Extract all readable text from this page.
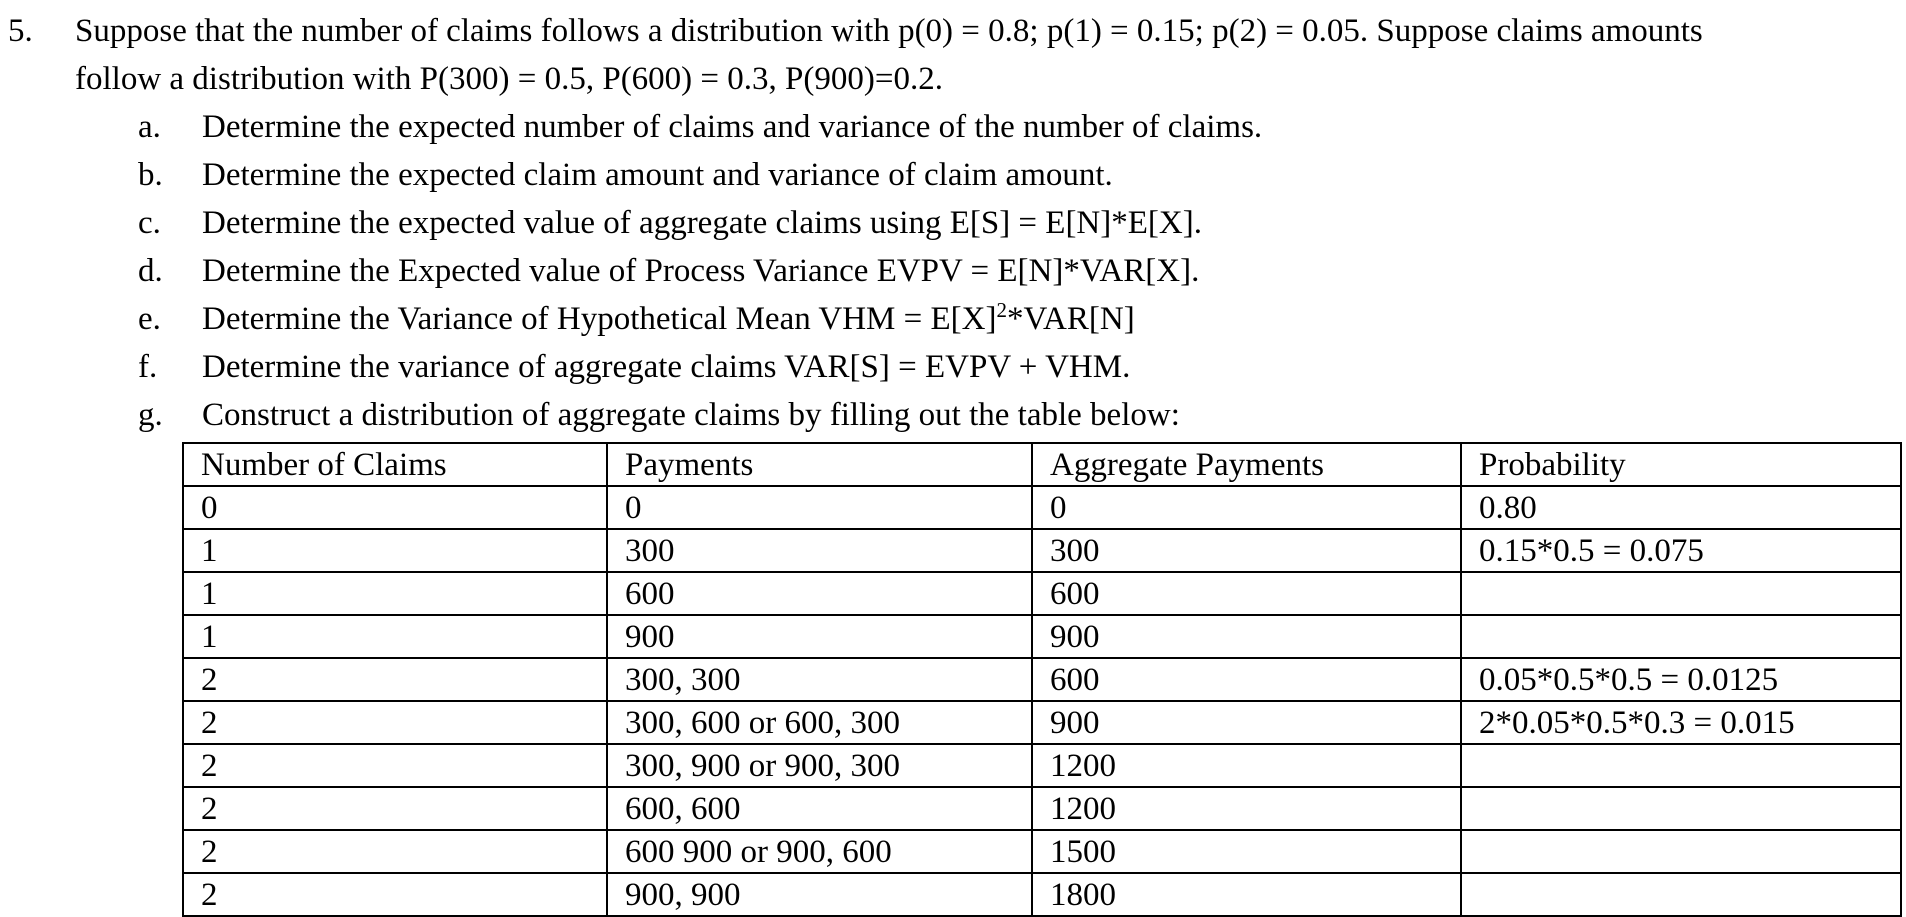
5. Suppose that the number of claims follows a distribution with p(0) = 0.8; p(1) = 0.15; p(2) = 0.05. Suppose claims amounts
follow a distribution with P(300) = 0.5, P(600) = 0.3, P(900)=0.2.
a. Determine the expected number of claims and variance of the number of claims.
b. Determine the expected claim amount and variance of claim amount.
c. Determine the expected value of aggregate claims using E[S] = E[N]*E[X].
d. Determine the Expected value of Process Variance EVPV = E[N]*VAR[X].
e. Determine the Variance of Hypothetical Mean VHM = $E[X]^2*VAR[N]$
f. Determine the variance of aggregate claims VAR[S] = EVPV + VHM.
g. Construct a distribution of aggregate claims by filling out the table below:
Number of Claims	Payments	Aggregate Payments	Probability
0	0	0	0.80
1	300	300	0.15*0.5 = 0.075
1	600	600	
1	900	900	
2	300, 300	600	0.05*0.5*0.5 = 0.0125
2	300, 600 or 600, 300	900	2*0.05*0.5*0.3 = 0.015
2	300, 900 or 900, 300	1200	
2	600, 600	1200	
2	600 900 or 900, 600	1500	
2	900, 900	1800	
